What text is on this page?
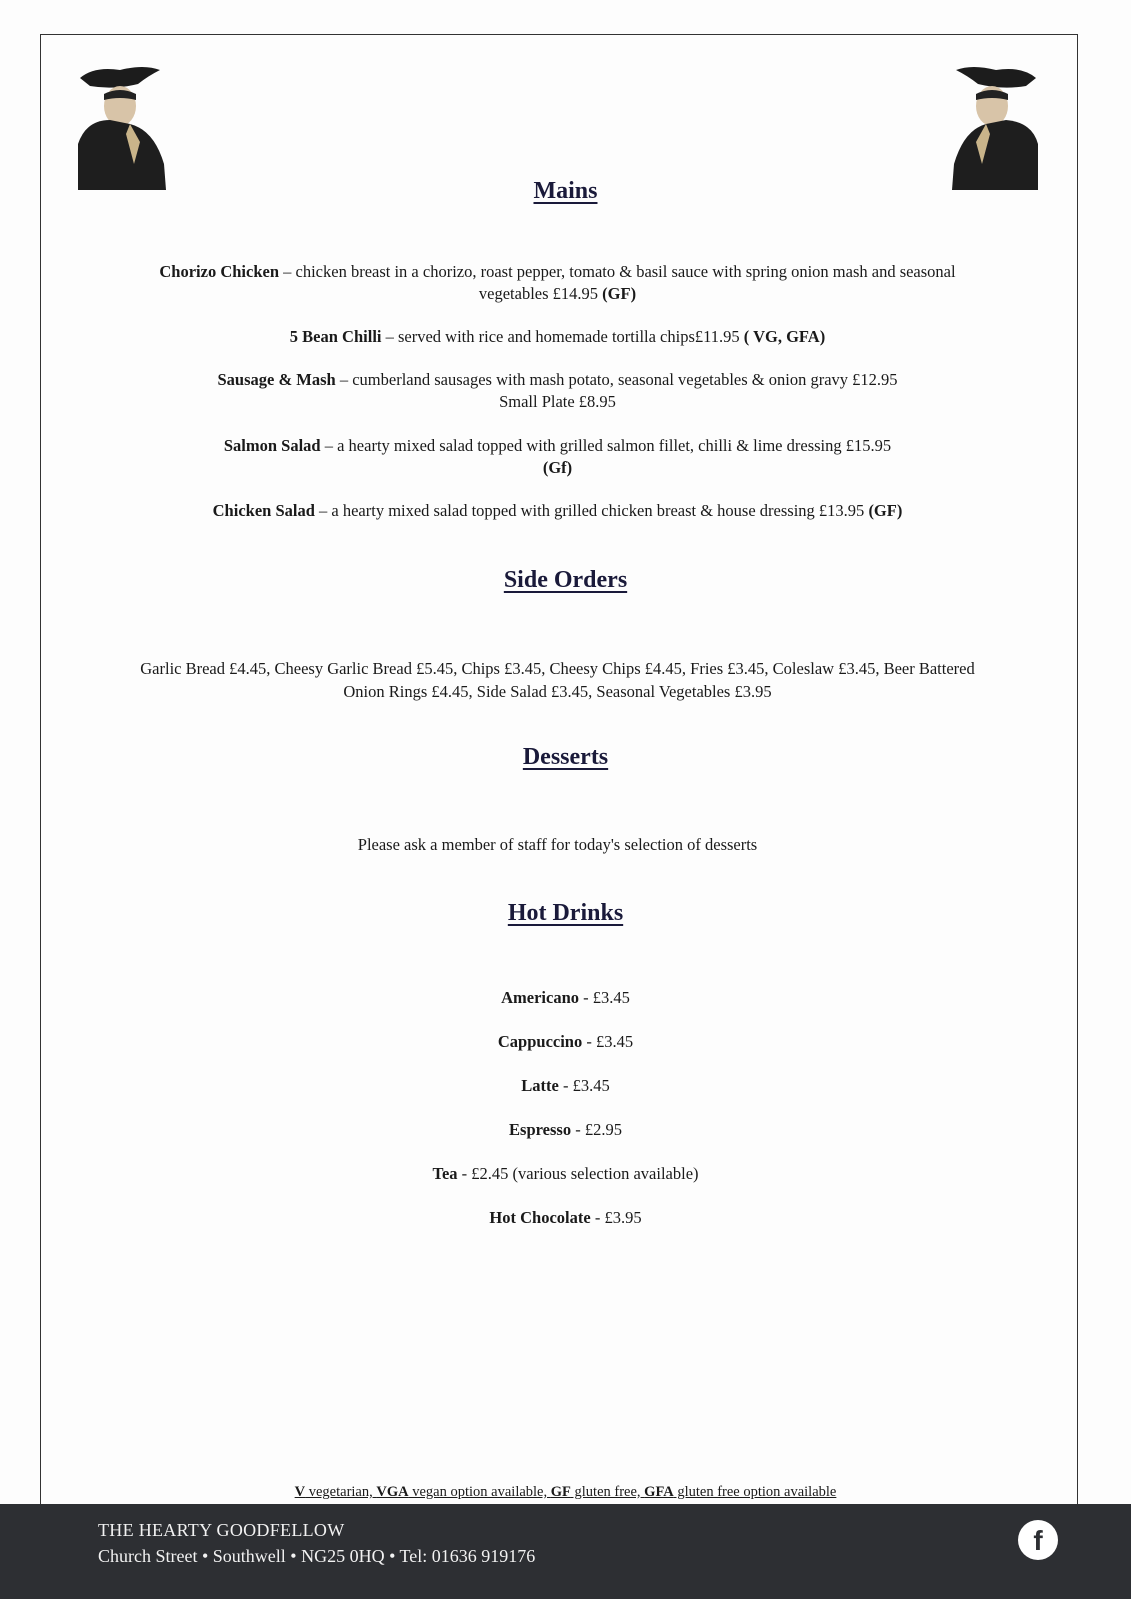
Mains
Chorizo Chicken – chicken breast in a chorizo, roast pepper, tomato & basil sauce with spring onion mash and seasonal vegetables £14.95 (GF)
5 Bean Chilli – served with rice and homemade tortilla chips£11.95 ( VG, GFA)
Sausage & Mash – cumberland sausages with mash potato, seasonal vegetables & onion gravy £12.95
Small Plate £8.95
Salmon Salad – a hearty mixed salad topped with grilled salmon fillet, chilli & lime dressing £15.95
(Gf)
Chicken Salad – a hearty mixed salad topped with grilled chicken breast & house dressing £13.95 (GF)
Side Orders
Garlic Bread £4.45, Cheesy Garlic Bread £5.45, Chips £3.45, Cheesy Chips £4.45, Fries £3.45, Coleslaw £3.45, Beer Battered Onion Rings £4.45, Side Salad £3.45, Seasonal Vegetables £3.95
Desserts
Please ask a member of staff for today's selection of desserts
Hot Drinks
Americano - £3.45
Cappuccino - £3.45
Latte - £3.45
Espresso - £2.95
Tea - £2.45 (various selection available)
Hot Chocolate - £3.95
V vegetarian, VGA vegan option available, GF gluten free, GFA gluten free option available
THE HEARTY GOODFELLOW
Church Street • Southwell • NG25 0HQ • Tel: 01636 919176	f
